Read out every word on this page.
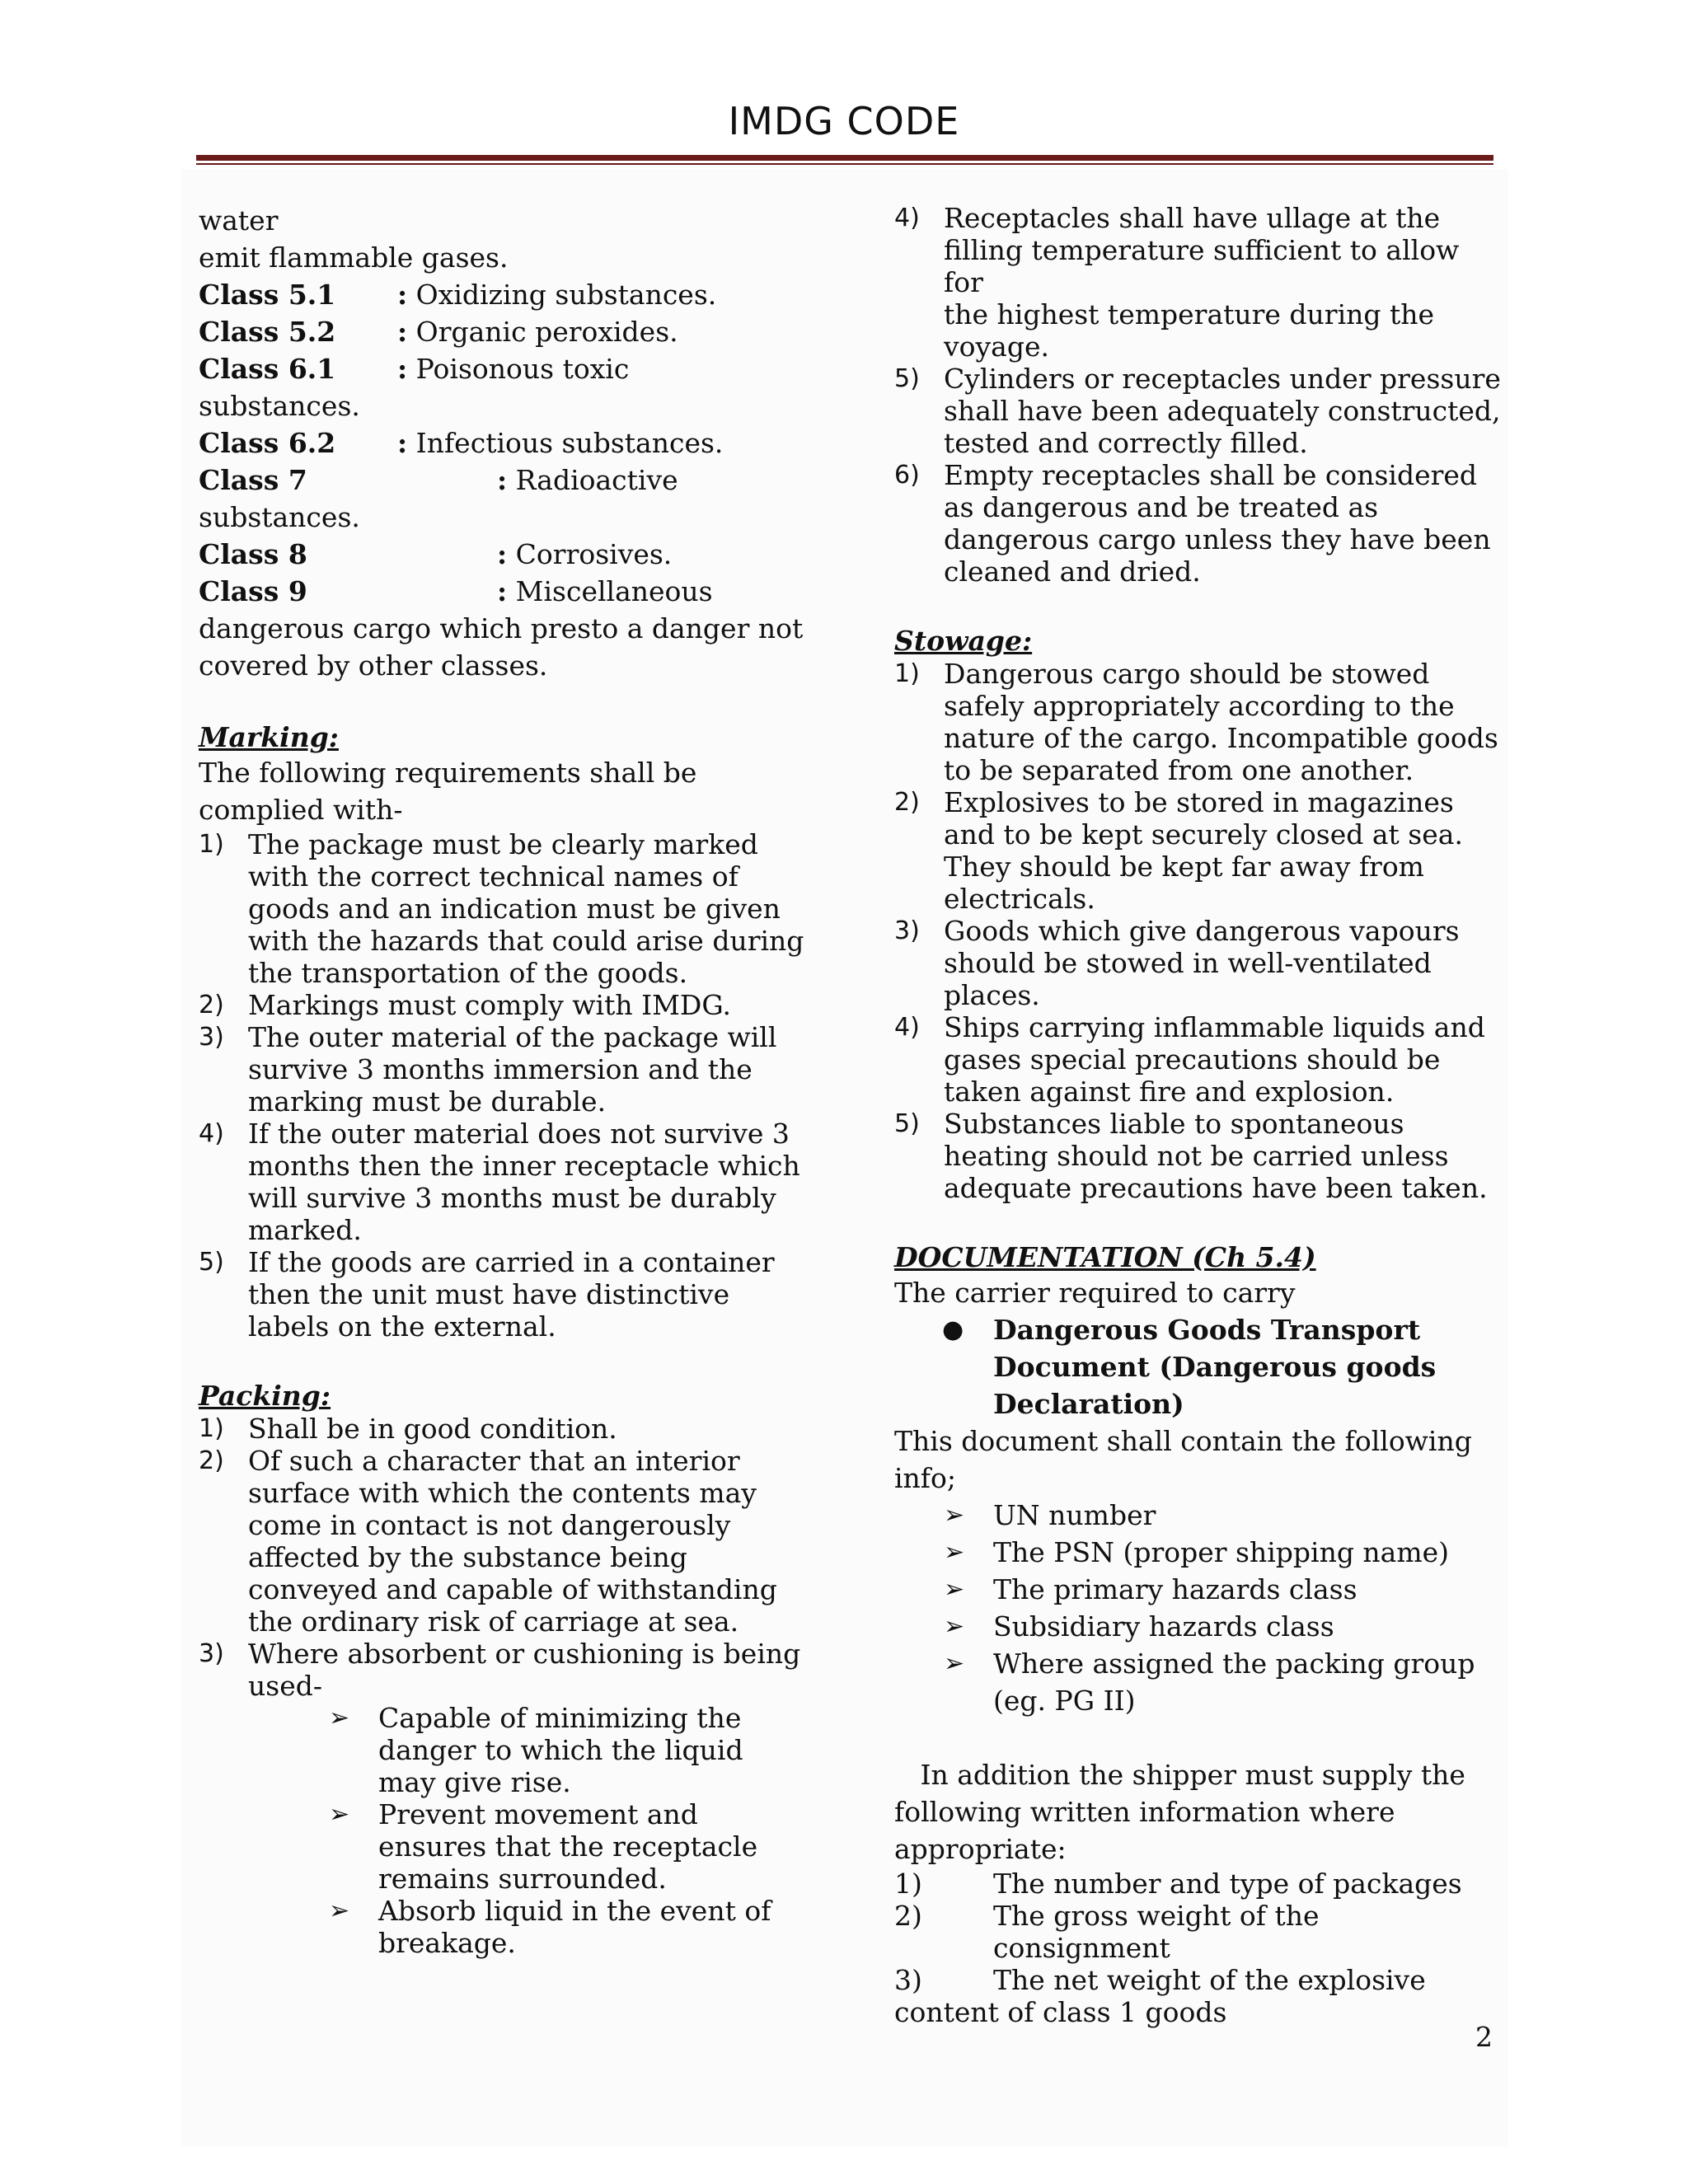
IMDG CODE

water

emit flammable gases.

Class 5.1	: Oxidizing substances.
Class 5.2	: Organic peroxides.
Class 6.1	: Poisonous toxic

substances.

Class 6.2	: Infectious substances.
Class 7	: Radioactive

substances.

Class 8	: Corrosives.
Class 9	: Miscellaneous

dangerous cargo which presto a danger not

covered by other classes.

Marking:

The following requirements shall be

complied with-

1) The package must be clearly marked
with the correct technical names of
goods and an indication must be given
with the hazards that could arise during
the transportation of the goods.
2) Markings must comply with IMDG.
3) The outer material of the package will
survive 3 months immersion and the
marking must be durable.
4) If the outer material does not survive 3
months then the inner receptacle which
will survive 3 months must be durably
marked.
5) If the goods are carried in a container
then the unit must have distinctive
labels on the external.

Packing:

1) Shall be in good condition.
2) Of such a character that an interior
surface with which the contents may
come in contact is not dangerously
affected by the substance being
conveyed and capable of withstanding
the ordinary risk of carriage at sea.
3) Where absorbent or cushioning is being
used-
➢	Capable of minimizing the
danger to which the liquid
may give rise.
➢	Prevent movement and
ensures that the receptacle
remains surrounded.
➢	Absorb liquid in the event of
breakage.
4) Receptacles shall have ullage at the
filling temperature sufficient to allow for
the highest temperature during the
voyage.
5) Cylinders or receptacles under pressure
shall have been adequately constructed,
tested and correctly filled.
6) Empty receptacles shall be considered
as dangerous and be treated as
dangerous cargo unless they have been
cleaned and dried.

Stowage:

1) Dangerous cargo should be stowed
safely appropriately according to the
nature of the cargo. Incompatible goods
to be separated from one another.
2) Explosives to be stored in magazines
and to be kept securely closed at sea.
They should be kept far away from
electricals.
3) Goods which give dangerous vapours
should be stowed in well-ventilated
places.
4) Ships carrying inflammable liquids and
gases special precautions should be
taken against fire and explosion.
5) Substances liable to spontaneous
heating should not be carried unless
adequate precautions have been taken.

DOCUMENTATION (Ch 5.4)

The carrier required to carry

●	Dangerous Goods Transport
Document (Dangerous goods
Declaration)

This document shall contain the following

info;

➢	UN number
➢	The PSN (proper shipping name)
➢	The primary hazards class
➢	Subsidiary hazards class
➢	Where assigned the packing group
(eg. PG II)

In addition the shipper must supply the

following written information where

appropriate:

1)	The number and type of packages
2)	The gross weight of the consignment
3)	The net weight of the explosive

content of class 1 goods

2
